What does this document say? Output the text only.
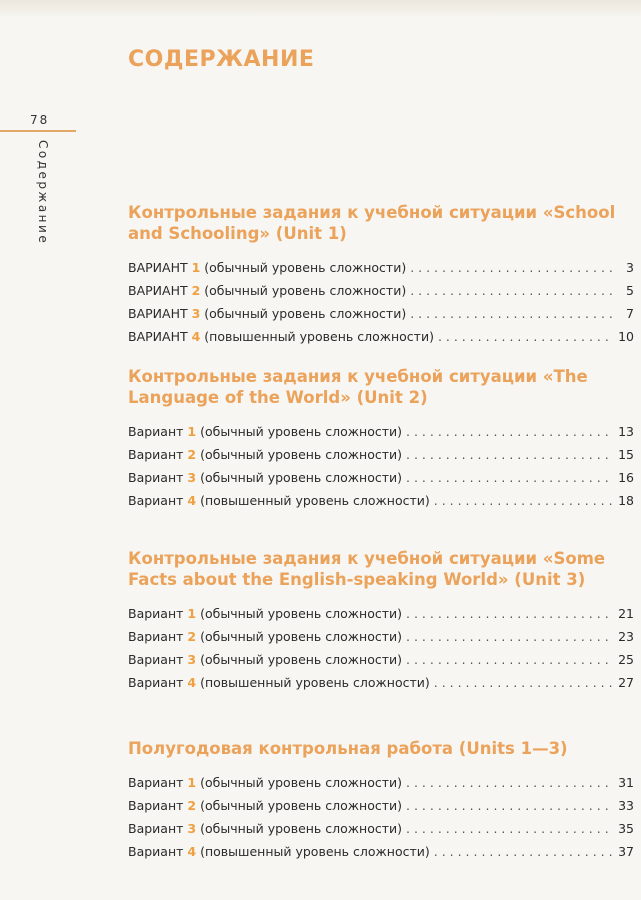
СОДЕРЖАНИЕ
78
Содержание	Контрольные задания к учебной ситуации «School and Schooling» (Unit 1)
ВАРИАНТ 1 (обычный уровень сложности) . . .	3
ВАРИАНТ 2 (обычный уровень сложности) . . .	5
ВАРИАНТ 3 (обычный уровень сложности) . . .	7
ВАРИАНТ 4 (повышенный уровень сложности) . . .	10
Контрольные задания к учебной ситуации «The Language of the World» (Unit 2)
Вариант 1 (обычный уровень сложности) . . .	13
Вариант 2 (обычный уровень сложности) . . .	15
Вариант 3 (обычный уровень сложности) . . .	16
Вариант 4 (повышенный уровень сложности) . . .	18
Контрольные задания к учебной ситуации «Some Facts about the English-speaking World» (Unit 3)
Вариант 1 (обычный уровень сложности) . . .	21
Вариант 2 (обычный уровень сложности) . . .	23
Вариант 3 (обычный уровень сложности) . . .	25
Вариант 4 (повышенный уровень сложности) . . .	27
Полугодовая контрольная работа (Units 1—3)
Вариант 1 (обычный уровень сложности) . . .	31
Вариант 2 (обычный уровень сложности) . . .	33
Вариант 3 (обычный уровень сложности) . . .	35
Вариант 4 (повышенный уровень сложности) . . .	37
